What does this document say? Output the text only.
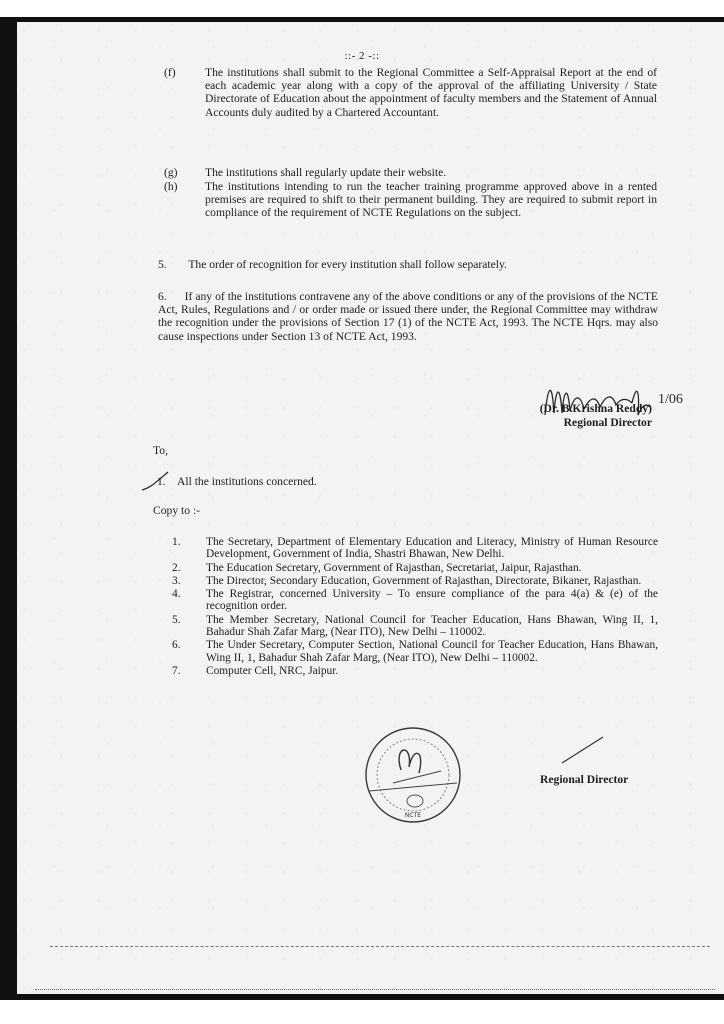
::- 2 -::
(f)	The institutions shall submit to the Regional Committee a Self-Appraisal Report at the end of each academic year along with a copy of the approval of the affiliating University / State Directorate of Education about the appointment of faculty members and the Statement of Annual Accounts duly audited by a Chartered Accountant.
(g) The institutions shall regularly update their website.
(h) The institutions intending to run the teacher training programme approved above in a rented premises are required to shift to their permanent building. They are required to submit report in compliance of the requirement of NCTE Regulations on the subject.
5. The order of recognition for every institution shall follow separately.
6. If any of the institutions contravene any of the above conditions or any of the provisions of the NCTE Act, Rules, Regulations and / or order made or issued there under, the Regional Committee may withdraw the recognition under the provisions of Section 17 (1) of the NCTE Act, 1993. The NCTE Hqrs. may also cause inspections under Section 13 of NCTE Act, 1993.
1/06
(Dr. B.Krishna Reddy)
Regional Director
To,
1. All the institutions concerned.
Copy to :-
1. The Secretary, Department of Elementary Education and Literacy, Ministry of Human Resource Development, Government of India, Shastri Bhawan, New Delhi.
2. The Education Secretary, Government of Rajasthan, Secretariat, Jaipur, Rajasthan.
3. The Director, Secondary Education, Government of Rajasthan, Directorate, Bikaner, Rajasthan.
4. The Registrar, concerned University – To ensure compliance of the para 4(a) & (e) of the recognition order.
5. The Member Secretary, National Council for Teacher Education, Hans Bhawan, Wing II, 1, Bahadur Shah Zafar Marg, (Near ITO), New Delhi – 110002.
6. The Under Secretary, Computer Section, National Council for Teacher Education, Hans Bhawan, Wing II, 1, Bahadur Shah Zafar Marg, (Near ITO), New Delhi – 110002.
7. Computer Cell, NRC, Jaipur.
NCTE
Regional Director
